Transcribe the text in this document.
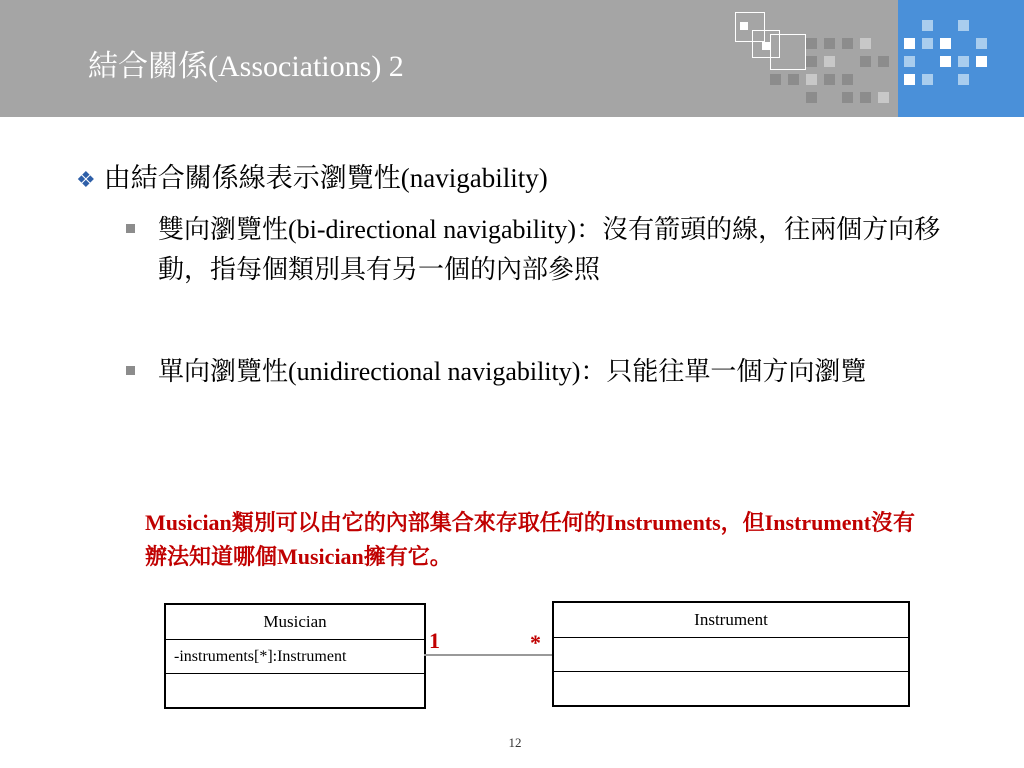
結合關係(Associations) 2
❖ 由結合關係線表示瀏覽性(navigability)
雙向瀏覽性(bi-directional navigability)：沒有箭頭的線，往兩個方向移動，指每個類別具有另一個的內部參照
單向瀏覽性(unidirectional navigability)：只能往單一個方向瀏覽
Musician類別可以由它的內部集合來存取任何的Instruments，但Instrument沒有辦法知道哪個Musician擁有它。
Musician
-instruments[*]:Instrument
1	*
Instrument
12
